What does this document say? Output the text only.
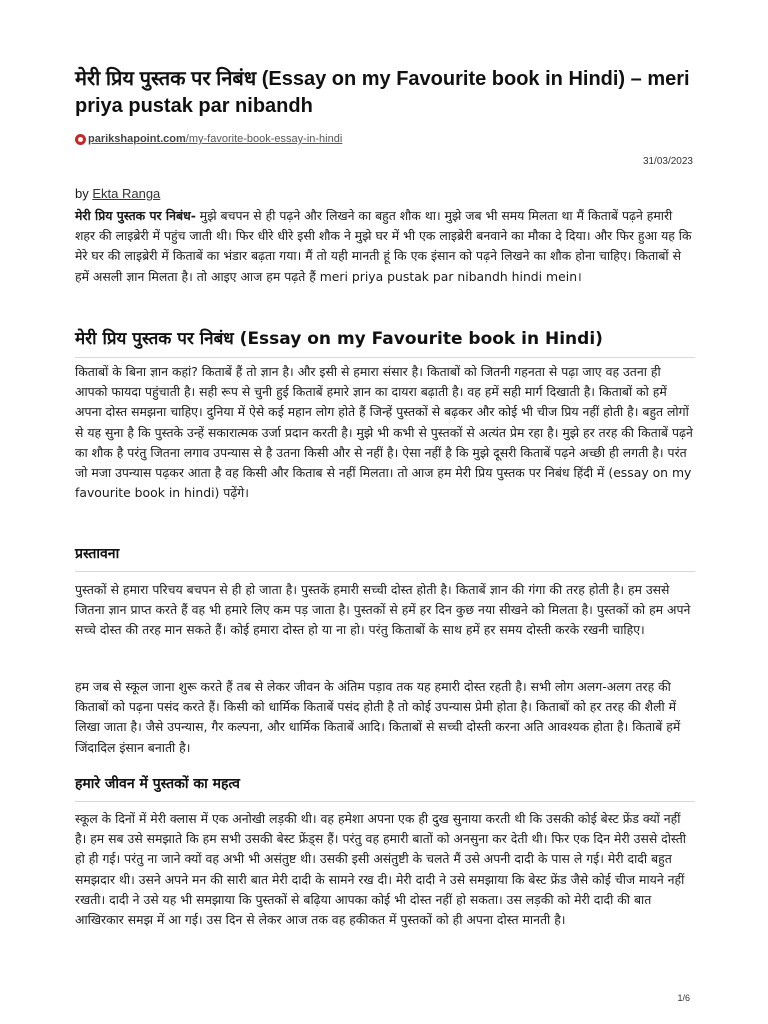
मेरी प्रिय पुस्तक पर निबंध (Essay on my Favourite book in Hindi) – meri priya pustak par nibandh
parikshapoint.com/my-favorite-book-essay-in-hindi
31/03/2023
by Ekta Ranga

मेरी प्रिय पुस्तक पर निबंध- मुझे बचपन से ही पढ़ने और लिखने का बहुत शौक था। मुझे जब भी समय मिलता था मैं किताबें पढ़ने हमारी शहर की लाइब्रेरी में पहुंच जाती थी। फिर धीरे धीरे इसी शौक ने मुझे घर में भी एक लाइब्रेरी बनवाने का मौका दे दिया। और फिर हुआ यह कि मेरे घर की लाइब्रेरी में किताबें का भंडार बढ़ता गया। मैं तो यही मानती हूं कि एक इंसान को पढ़ने लिखने का शौक होना चाहिए। किताबों से हमें असली ज्ञान मिलता है। तो आइए आज हम पढ़ते हैं meri priya pustak par nibandh hindi mein।

मेरी प्रिय पुस्तक पर निबंध (Essay on my Favourite book in Hindi)

किताबों के बिना ज्ञान कहां? किताबें हैं तो ज्ञान है। और इसी से हमारा संसार है। किताबों को जितनी गहनता से पढ़ा जाए वह उतना ही आपको फायदा पहुंचाती है। सही रूप से चुनी हुई किताबें हमारे ज्ञान का दायरा बढ़ाती है। वह हमें सही मार्ग दिखाती है। किताबों को हमें अपना दोस्त समझना चाहिए। दुनिया में ऐसे कई महान लोग होते हैं जिन्हें पुस्तकों से बढ़कर और कोई भी चीज प्रिय नहीं होती है। बहुत लोगों से यह सुना है कि पुस्तके उन्हें सकारात्मक उर्जा प्रदान करती है। मुझे भी कभी से पुस्तकों से अत्यंत प्रेम रहा है। मुझे हर तरह की किताबें पढ़ने का शौक है परंतु जितना लगाव उपन्यास से है उतना किसी और से नहीं है। ऐसा नहीं है कि मुझे दूसरी किताबें पढ़ने अच्छी ही लगती है। परंत जो मजा उपन्यास पढ़कर आता है वह किसी और किताब से नहीं मिलता। तो आज हम मेरी प्रिय पुस्तक पर निबंध हिंदी में (essay on my favourite book in hindi) पढ़ेंगे।

प्रस्तावना

पुस्तकों से हमारा परिचय बचपन से ही हो जाता है। पुस्तकें हमारी सच्ची दोस्त होती है। किताबें ज्ञान की गंगा की तरह होती है। हम उससे जितना ज्ञान प्राप्त करते हैं वह भी हमारे लिए कम पड़ जाता है। पुस्तकों से हमें हर दिन कुछ नया सीखने को मिलता है। पुस्तकों को हम अपने सच्चे दोस्त की तरह मान सकते हैं। कोई हमारा दोस्त हो या ना हो। परंतु किताबों के साथ हमें हर समय दोस्ती करके रखनी चाहिए।

हम जब से स्कूल जाना शुरू करते हैं तब से लेकर जीवन के अंतिम पड़ाव तक यह हमारी दोस्त रहती है। सभी लोग अलग-अलग तरह की किताबों को पढ़ना पसंद करते हैं। किसी को धार्मिक किताबें पसंद होती है तो कोई उपन्यास प्रेमी होता है। किताबों को हर तरह की शैली में लिखा जाता है। जैसे उपन्यास, गैर कल्पना, और धार्मिक किताबें आदि। किताबों से सच्ची दोस्ती करना अति आवश्यक होता है। किताबें हमें जिंदादिल इंसान बनाती है।

हमारे जीवन में पुस्तकों का महत्व

स्कूल के दिनों में मेरी क्लास में एक अनोखी लड़की थी। वह हमेशा अपना एक ही दुख सुनाया करती थी कि उसकी कोई बेस्ट फ्रेंड क्यों नहीं है। हम सब उसे समझाते कि हम सभी उसकी बेस्ट फ्रेंड्स हैं। परंतु वह हमारी बातों को अनसुना कर देती थी। फिर एक दिन मेरी उससे दोस्ती हो ही गई। परंतु ना जाने क्यों वह अभी भी असंतुष्ट थी। उसकी इसी असंतुष्टी के चलते मैं उसे अपनी दादी के पास ले गई। मेरी दादी बहुत समझदार थी। उसने अपने मन की सारी बात मेरी दादी के सामने रख दी। मेरी दादी ने उसे समझाया कि बेस्ट फ्रेंड जैसे कोई चीज मायने नहीं रखती। दादी ने उसे यह भी समझाया कि पुस्तकों से बढ़िया आपका कोई भी दोस्त नहीं हो सकता। उस लड़की को मेरी दादी की बात आखिरकार समझ में आ गई। उस दिन से लेकर आज तक वह हकीकत में पुस्तकों को ही अपना दोस्त मानती है।

1/6
